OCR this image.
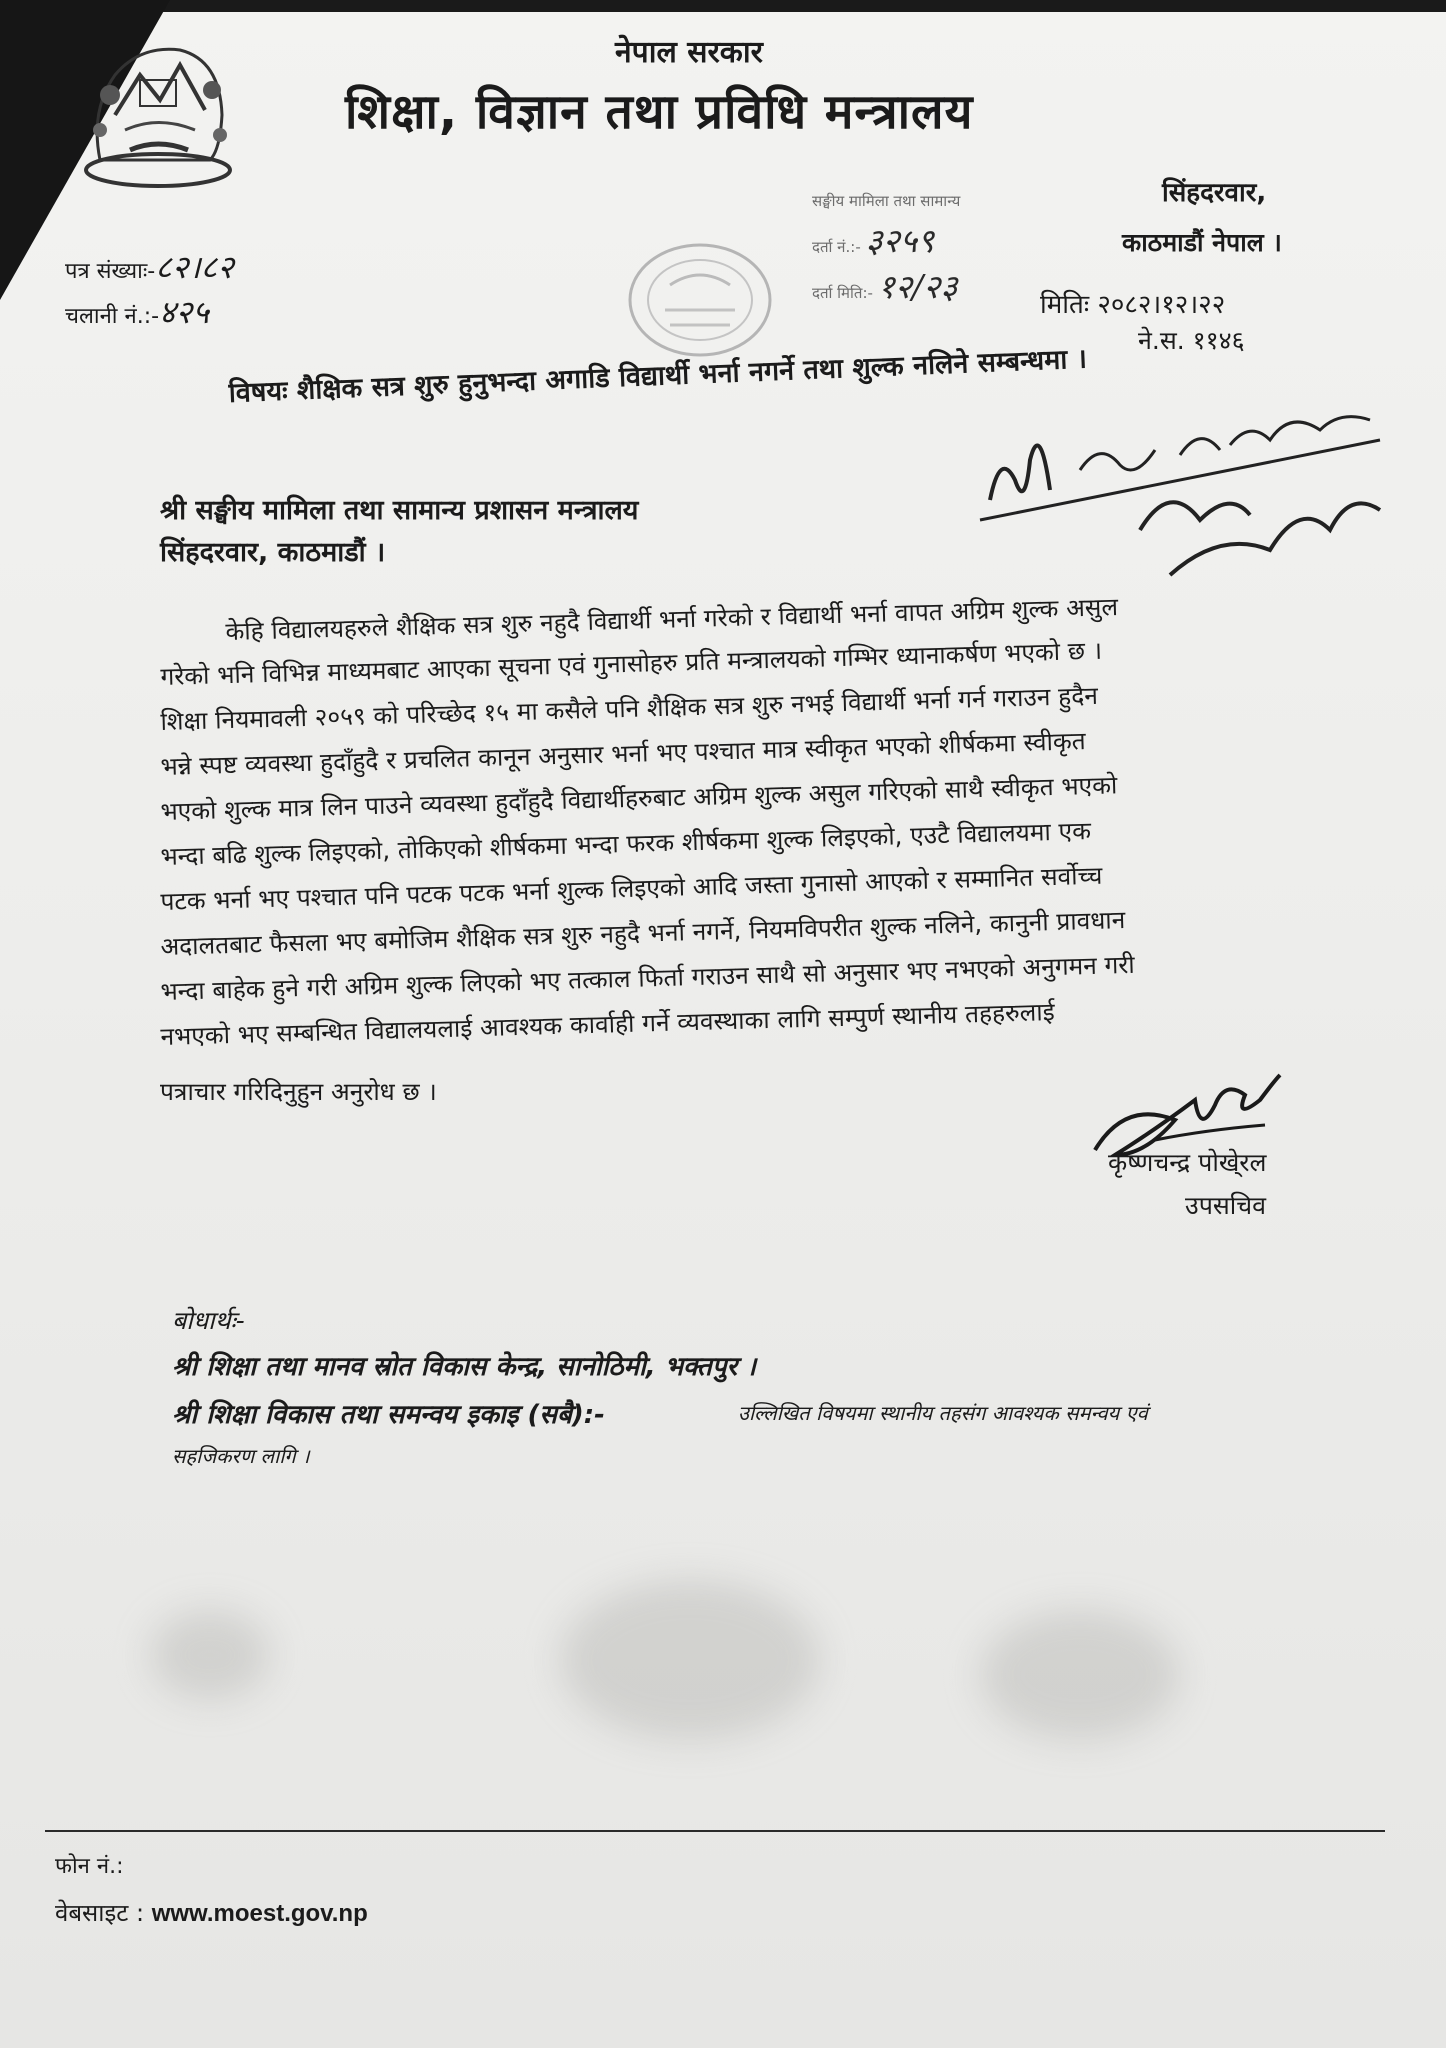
नेपाल सरकार
शिक्षा, विज्ञान तथा प्रविधि मन्त्रालय
सिंहदरवार,
काठमाडौं नेपाल ।
मितिः २०८२।१२।२२
ने.स. ११४६
पत्र संख्याः-८२।८२
चलानी नं.:-४२५
सङ्घीय मामिला तथा सामान्य
दर्ता नं.:- ३२५९
दर्ता मिति:- १२/२३
विषयः शैक्षिक सत्र शुरु हुनुभन्दा अगाडि विद्यार्थी भर्ना नगर्ने तथा शुल्क नलिने सम्बन्धमा ।
श्री सङ्घीय मामिला तथा सामान्य प्रशासन मन्त्रालय
सिंहदरवार, काठमाडौं ।
केहि विद्यालयहरुले शैक्षिक सत्र शुरु नहुदै विद्यार्थी भर्ना गरेको र विद्यार्थी भर्ना वापत अग्रिम शुल्क असुल
गरेको भनि विभिन्न माध्यमबाट आएका सूचना एवं गुनासोहरु प्रति मन्त्रालयको गम्भिर ध्यानाकर्षण भएको छ ।
शिक्षा नियमावली २०५९ को परिच्छेद १५ मा कसैले पनि शैक्षिक सत्र शुरु नभई विद्यार्थी भर्ना गर्न गराउन हुदैन
भन्ने स्पष्ट व्यवस्था हुदाँहुदै र प्रचलित कानून अनुसार भर्ना भए पश्चात मात्र स्वीकृत भएको शीर्षकमा स्वीकृत
भएको शुल्क मात्र लिन पाउने व्यवस्था हुदाँहुदै विद्यार्थीहरुबाट अग्रिम शुल्क असुल गरिएको साथै स्वीकृत भएको
भन्दा बढि शुल्क लिइएको, तोकिएको शीर्षकमा भन्दा फरक शीर्षकमा शुल्क लिइएको, एउटै विद्यालयमा एक
पटक भर्ना भए पश्चात पनि पटक पटक भर्ना शुल्क लिइएको आदि जस्ता गुनासो आएको र सम्मानित सर्वोच्च
अदालतबाट फैसला भए बमोजिम शैक्षिक सत्र शुरु नहुदै भर्ना नगर्ने, नियमविपरीत शुल्क नलिने, कानुनी प्रावधान
भन्दा बाहेक हुने गरी अग्रिम शुल्क लिएको भए तत्काल फिर्ता गराउन साथै सो अनुसार भए नभएको अनुगमन गरी
नभएको भए सम्बन्धित विद्यालयलाई आवश्यक कार्वाही गर्ने व्यवस्थाका लागि सम्पुर्ण स्थानीय तहहरुलाई
पत्राचार गरिदिनुहुन अनुरोध छ ।
कृष्णचन्द्र पोखे्रल
उपसचिव
बोधार्थः-
श्री शिक्षा तथा मानव स्रोत विकास केन्द्र, सानोठिमी, भक्तपुर ।
श्री शिक्षा विकास तथा समन्वय इकाइ (सबै):-	उल्लिखित विषयमा स्थानीय तहसंग आवश्यक समन्वय एवं
सहजिकरण लागि ।
फोन नं.:
वेबसाइट : www.moest.gov.np
